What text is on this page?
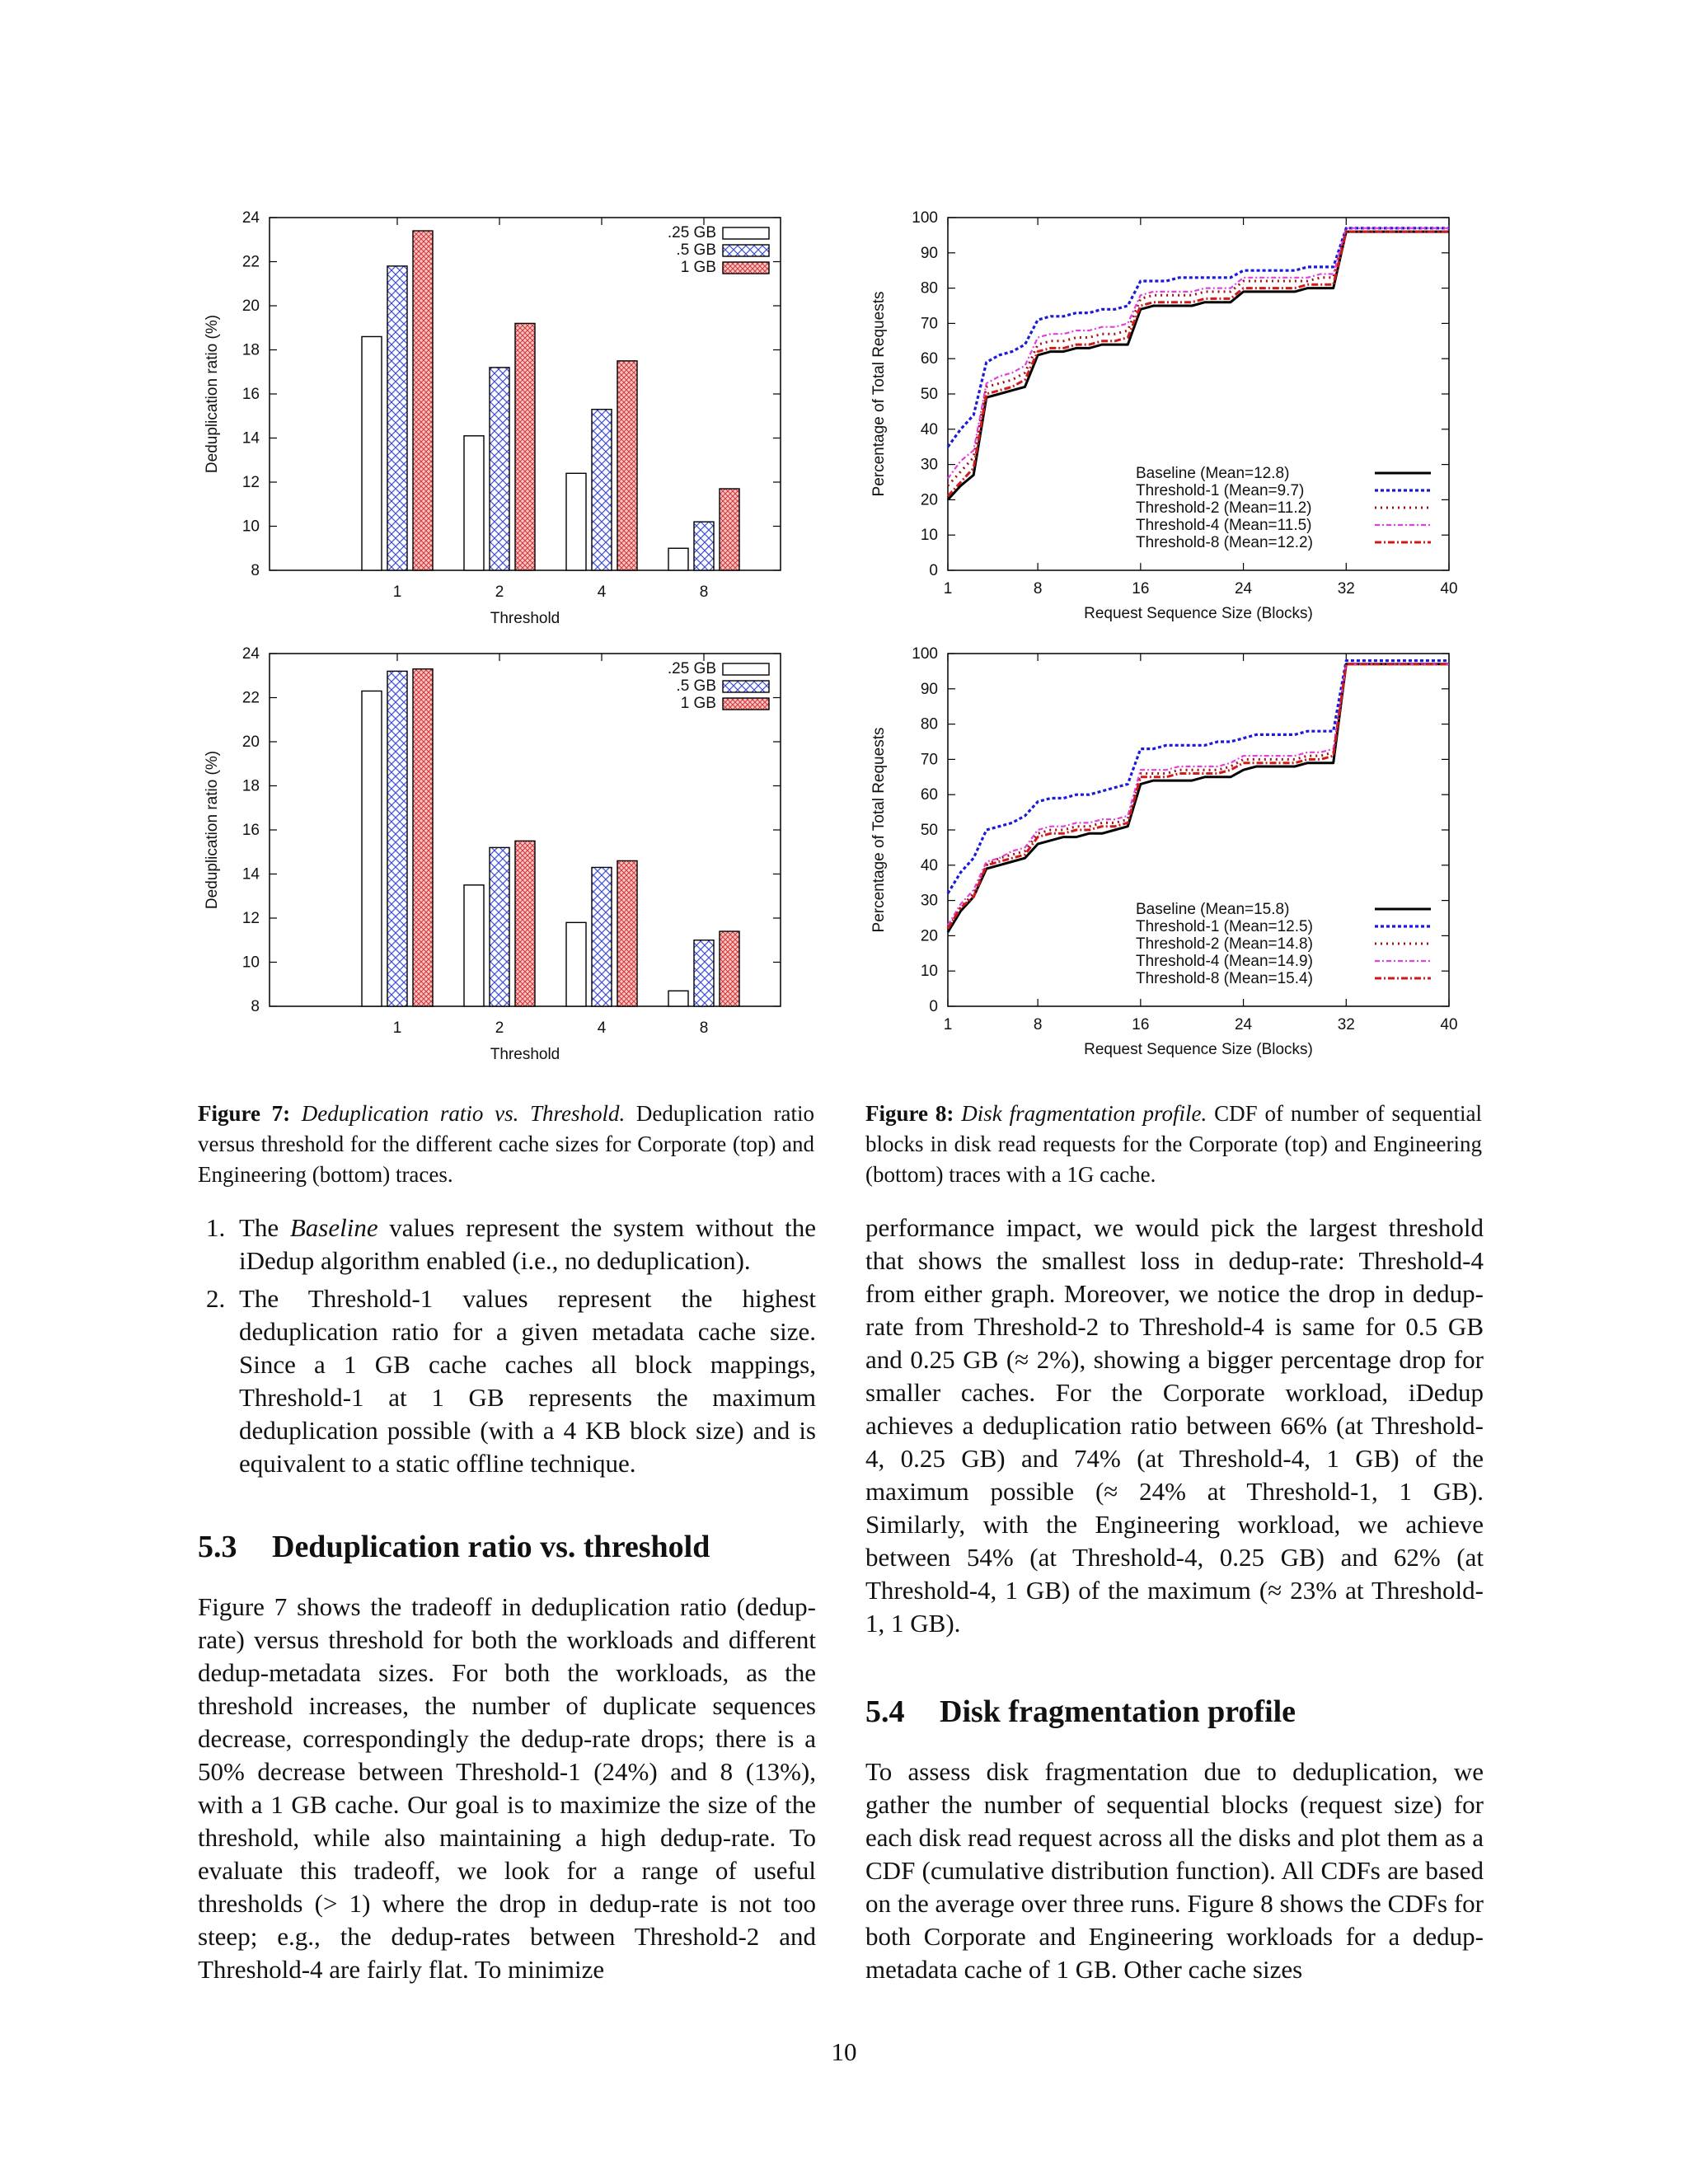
8
10
12
14
16
18
20
22
24
1	2	4	8
Threshold
Deduplication ratio (%)
.25 GB
.5 GB
1 GB
8
10
12
14
16
18
20
22
24
1	2	4	8
Threshold
Deduplication ratio (%)
.25 GB
.5 GB
1 GB
0
10
20
30
40
50
60
70
80
90
100
1	8	16	24	32	40
Request Sequence Size (Blocks)
Percentage of Total Requests	Baseline (Mean=12.8)
Threshold-1 (Mean=9.7)
Threshold-2 (Mean=11.2)
Threshold-4 (Mean=11.5)
Threshold-8 (Mean=12.2)
0
10
20
30
40
50
60
70
80
90
100
1	8	16	24	32	40
Request Sequence Size (Blocks)
Percentage of Total Requests	Baseline (Mean=15.8)
Threshold-1 (Mean=12.5)
Threshold-2 (Mean=14.8)
Threshold-4 (Mean=14.9)
Threshold-8 (Mean=15.4)
Figure 7: Deduplication ratio vs. Threshold. Deduplication ratio versus threshold for the different cache sizes for Corporate (top) and Engineering (bottom) traces.
Figure 8: Disk fragmentation profile. CDF of number of sequential blocks in disk read requests for the Corporate (top) and Engineering (bottom) traces with a 1G cache.
1. The Baseline values represent the system without the iDedup algorithm enabled (i.e., no deduplication).
2. The Threshold-1 values represent the highest deduplication ratio for a given metadata cache size. Since a 1 GB cache caches all block mappings, Threshold-1 at 1 GB represents the maximum deduplication possible (with a 4 KB block size) and is equivalent to a static offline technique.
5.3 Deduplication ratio vs. threshold

Figure 7 shows the tradeoff in deduplication ratio (dedup-rate) versus threshold for both the workloads and different dedup-metadata sizes. For both the workloads, as the threshold increases, the number of duplicate sequences decrease, correspondingly the dedup-rate drops; there is a 50% decrease between Threshold-1 (24%) and 8 (13%), with a 1 GB cache. Our goal is to maximize the size of the threshold, while also maintaining a high dedup-rate. To evaluate this tradeoff, we look for a range of useful thresholds (> 1) where the drop in dedup-rate is not too steep; e.g., the dedup-rates between Threshold-2 and Threshold-4 are fairly flat. To minimize

performance impact, we would pick the largest threshold that shows the smallest loss in dedup-rate: Threshold-4 from either graph. Moreover, we notice the drop in dedup-rate from Threshold-2 to Threshold-4 is same for 0.5 GB and 0.25 GB (≈ 2%), showing a bigger percentage drop for smaller caches. For the Corporate workload, iDedup achieves a deduplication ratio between 66% (at Threshold-4, 0.25 GB) and 74% (at Threshold-4, 1 GB) of the maximum possible (≈ 24% at Threshold-1, 1 GB). Similarly, with the Engineering workload, we achieve between 54% (at Threshold-4, 0.25 GB) and 62% (at Threshold-4, 1 GB) of the maximum (≈ 23% at Threshold-1, 1 GB).

5.4 Disk fragmentation profile

To assess disk fragmentation due to deduplication, we gather the number of sequential blocks (request size) for each disk read request across all the disks and plot them as a CDF (cumulative distribution function). All CDFs are based on the average over three runs. Figure 8 shows the CDFs for both Corporate and Engineering workloads for a dedup-metadata cache of 1 GB. Other cache sizes

10
